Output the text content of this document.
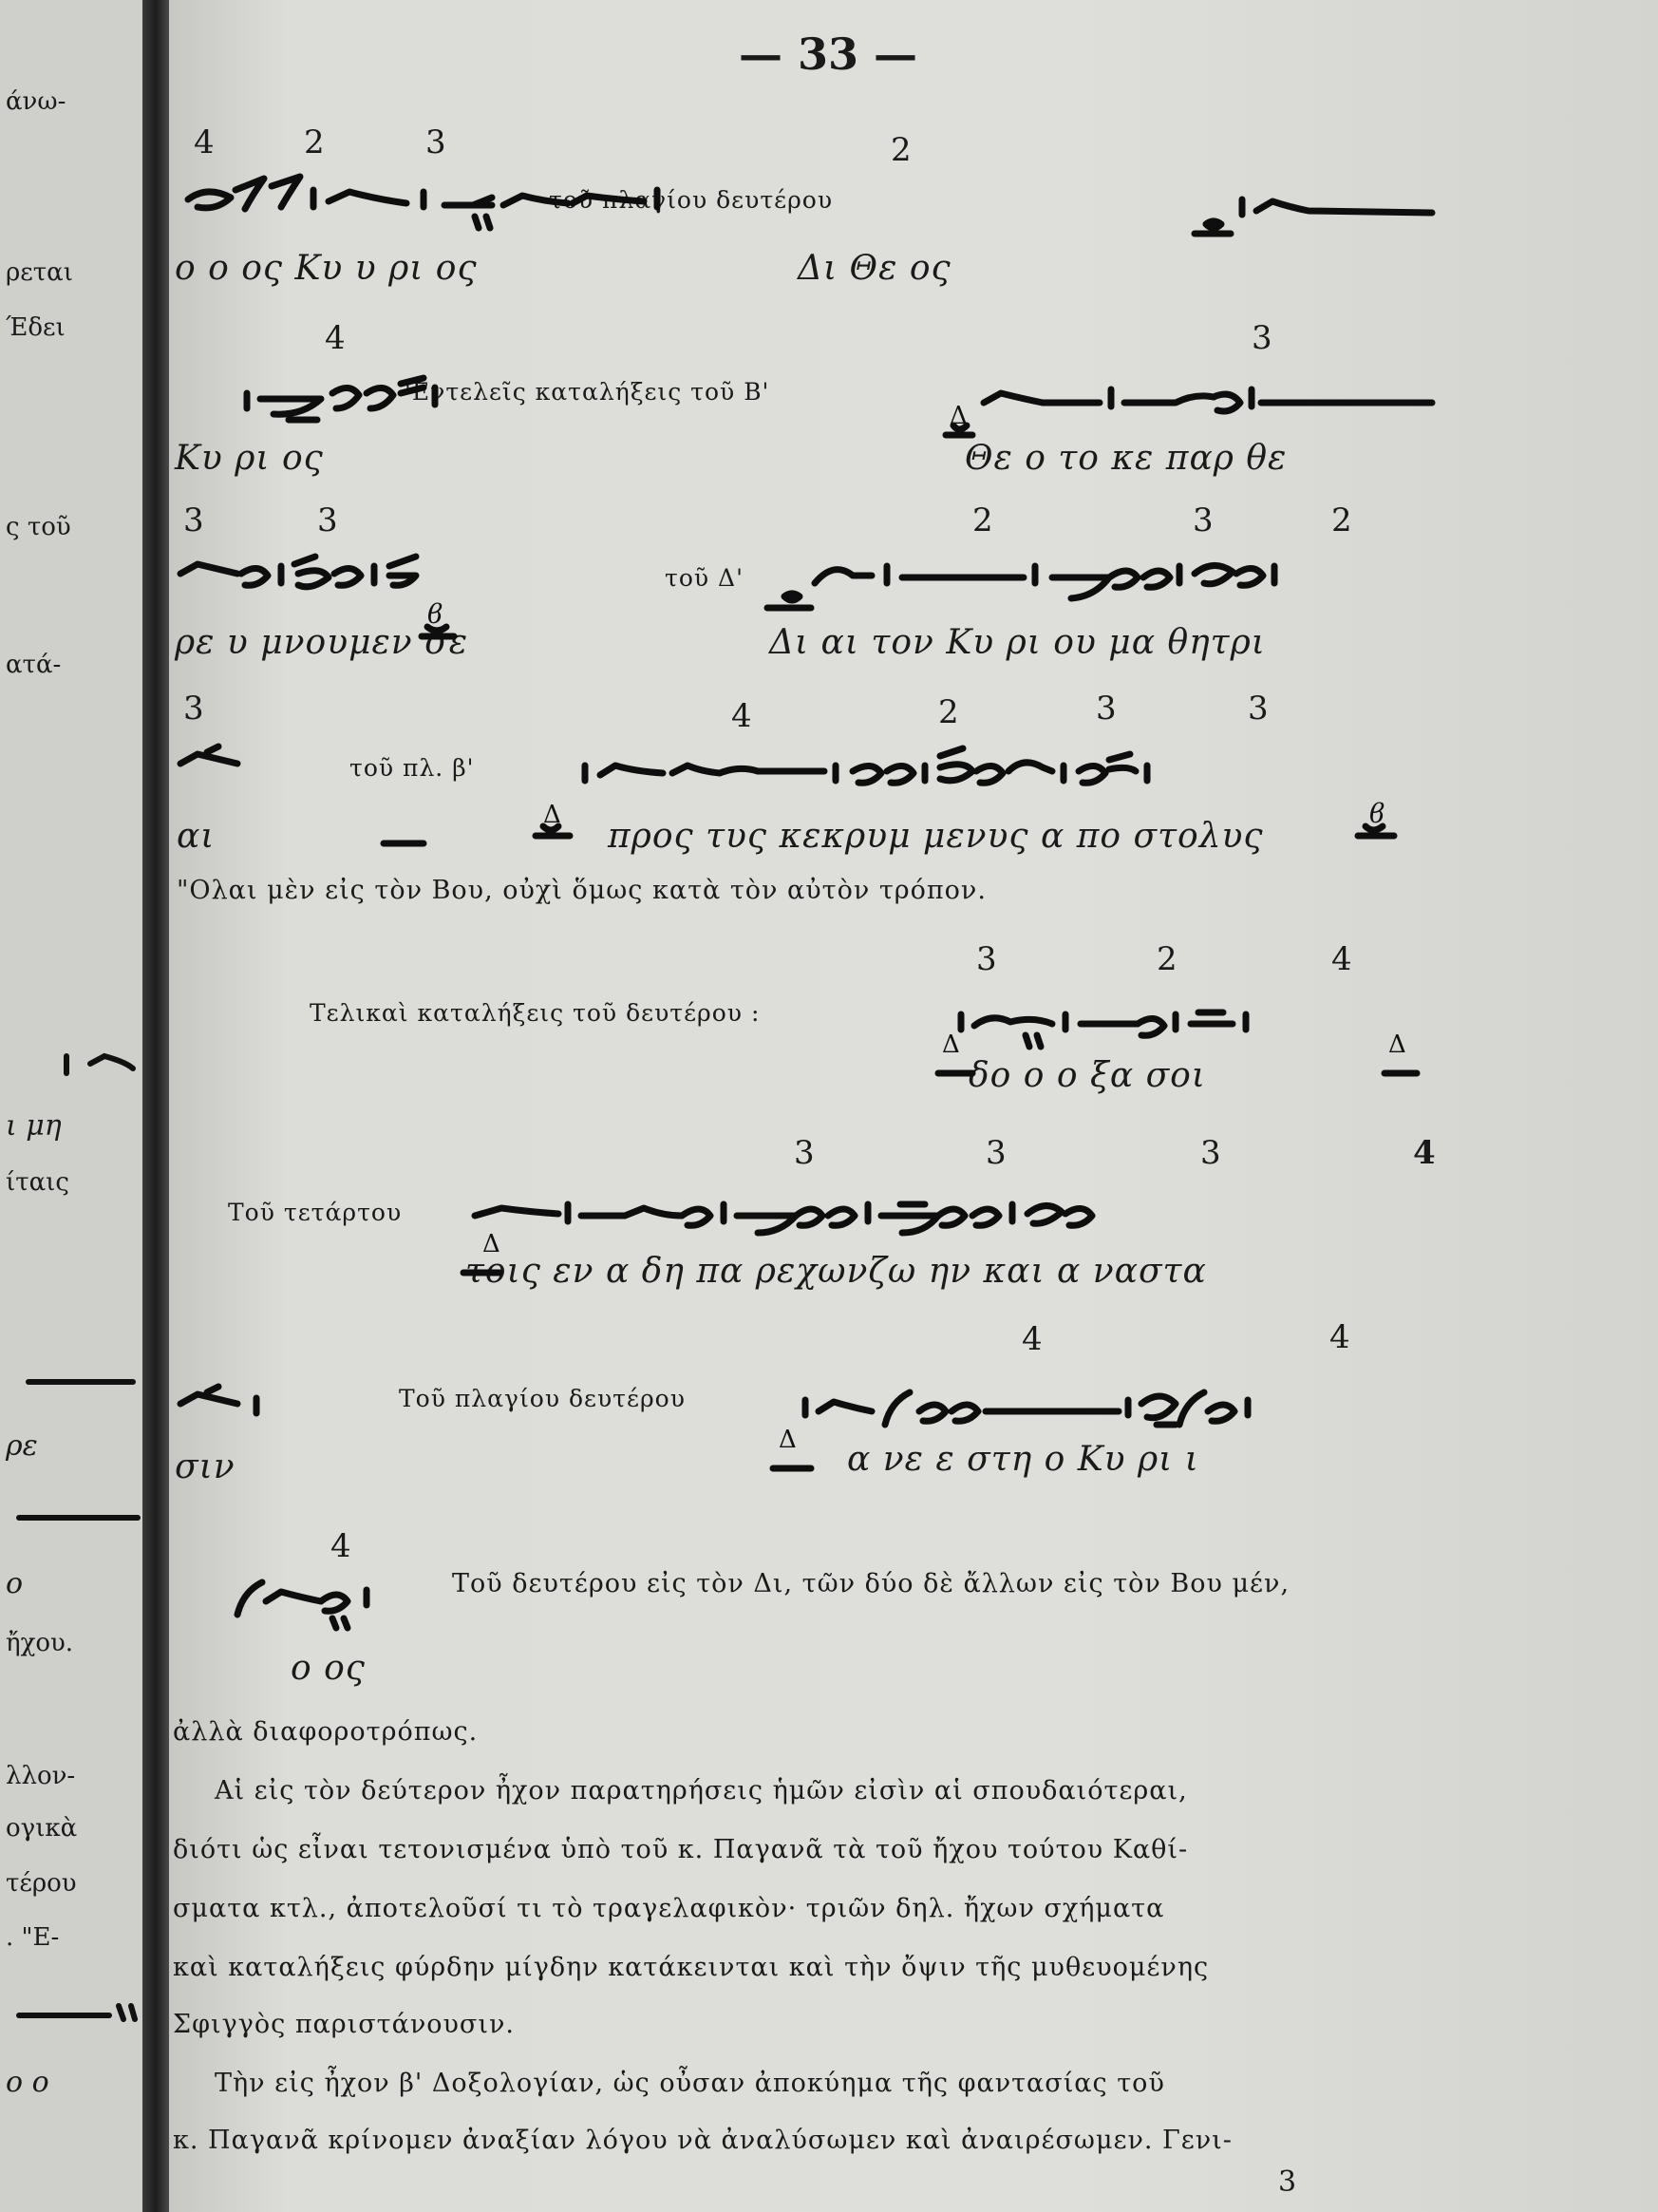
άνω-
ρεται
Έδει
ς τοῦ
ατά-
ι μη
ίταις
ρε
ο
ἤχου.
λλον-
ογικὰ
τέρου
. "Ε-
ο ο
— 33 —
4	2	3	2
τοῦ πλαγίου δευτέρου
ο ο ος Κυ υ ρι ος	Δι Θε ος
4	3
'Εντελεῖς καταλήξεις τοῦ Β'
Κυ ρι ος	Θε ο το κε παρ θε
3	3	2	3	2
τοῦ Δ'
ρε υ μνουμεν σε	Δι αι τον Κυ ρι ου μα θητρι
3	4	2	3	3
τοῦ πλ. β'
αι	προς τυς κεκρυμ μενυς α πο στολυς
"Ολαι μὲν εἰς τὸν Βου, οὐχὶ ὅμως κατὰ τὸν αὐτὸν τρόπον.
3	2	4
Τελικαὶ καταλήξεις τοῦ δευτέρου :
δο ο ο ξα σοι
3	3	3	4
Τοῦ τετάρτου
τοις εν α δη πα ρεχωνζω ην και α ναστα
4	4
Τοῦ πλαγίου δευτέρου
σιν	α νε ε στη ο Κυ ρι ι
4
Τοῦ δευτέρου εἰς τὸν Δι, τῶν δύο δὲ ἄλλων εἰς τὸν Βου μέν,
ο ος
ἀλλὰ διαφοροτρόπως.
Αἱ εἰς τὸν δεύτερον ἦχον παρατηρήσεις ἡμῶν εἰσὶν αἱ σπουδαιότεραι,
διότι ὡς εἶναι τετονισμένα ὑπὸ τοῦ κ. Παγανᾶ τὰ τοῦ ἤχου τούτου Καθί-
σματα κτλ., ἀποτελοῦσί τι τὸ τραγελαφικὸν· τριῶν δηλ. ἤχων σχήματα
καὶ καταλήξεις φύρδην μίγδην κατάκεινται καὶ τὴν ὄψιν τῆς μυθευομένης
Σφιγγὸς παριστάνουσιν.
Τὴν εἰς ἦχον β' Δοξολογίαν, ὡς οὖσαν ἀποκύημα τῆς φαντασίας τοῦ
κ. Παγανᾶ κρίνομεν ἀναξίαν λόγου νὰ ἀναλύσωμεν καὶ ἀναιρέσωμεν. Γενι-
3
Δ
ϐ
Δ	ϐ
Δ	Δ
Δ
Δ
